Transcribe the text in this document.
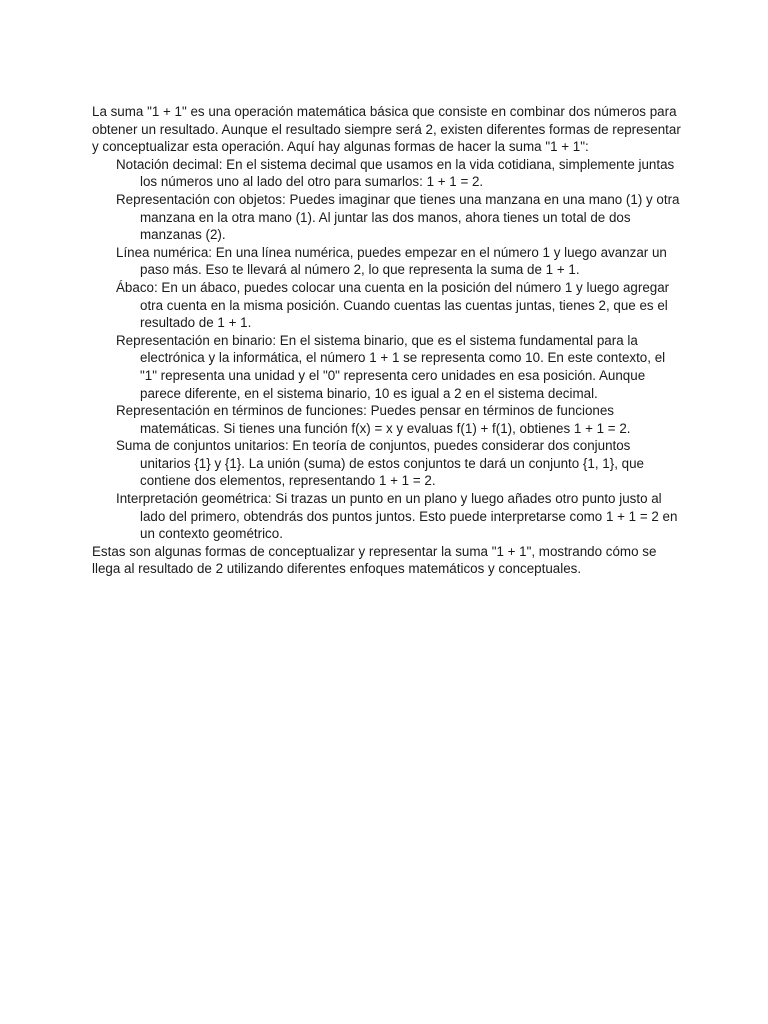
La suma "1 + 1" es una operación matemática básica que consiste en combinar dos números para obtener un resultado. Aunque el resultado siempre será 2, existen diferentes formas de representar y conceptualizar esta operación. Aquí hay algunas formas de hacer la suma "1 + 1":

Notación decimal: En el sistema decimal que usamos en la vida cotidiana, simplemente juntas los números uno al lado del otro para sumarlos: 1 + 1 = 2.
Representación con objetos: Puedes imaginar que tienes una manzana en una mano (1) y otra manzana en la otra mano (1). Al juntar las dos manos, ahora tienes un total de dos manzanas (2).
Línea numérica: En una línea numérica, puedes empezar en el número 1 y luego avanzar un paso más. Eso te llevará al número 2, lo que representa la suma de 1 + 1.
Ábaco: En un ábaco, puedes colocar una cuenta en la posición del número 1 y luego agregar otra cuenta en la misma posición. Cuando cuentas las cuentas juntas, tienes 2, que es el resultado de 1 + 1.
Representación en binario: En el sistema binario, que es el sistema fundamental para la electrónica y la informática, el número 1 + 1 se representa como 10. En este contexto, el "1" representa una unidad y el "0" representa cero unidades en esa posición. Aunque parece diferente, en el sistema binario, 10 es igual a 2 en el sistema decimal.
Representación en términos de funciones: Puedes pensar en términos de funciones matemáticas. Si tienes una función f(x) = x y evaluas f(1) + f(1), obtienes 1 + 1 = 2.
Suma de conjuntos unitarios: En teoría de conjuntos, puedes considerar dos conjuntos unitarios {1} y {1}. La unión (suma) de estos conjuntos te dará un conjunto {1, 1}, que contiene dos elementos, representando 1 + 1 = 2.
Interpretación geométrica: Si trazas un punto en un plano y luego añades otro punto justo al lado del primero, obtendrás dos puntos juntos. Esto puede interpretarse como 1 + 1 = 2 en un contexto geométrico.

Estas son algunas formas de conceptualizar y representar la suma "1 + 1", mostrando cómo se llega al resultado de 2 utilizando diferentes enfoques matemáticos y conceptuales.
